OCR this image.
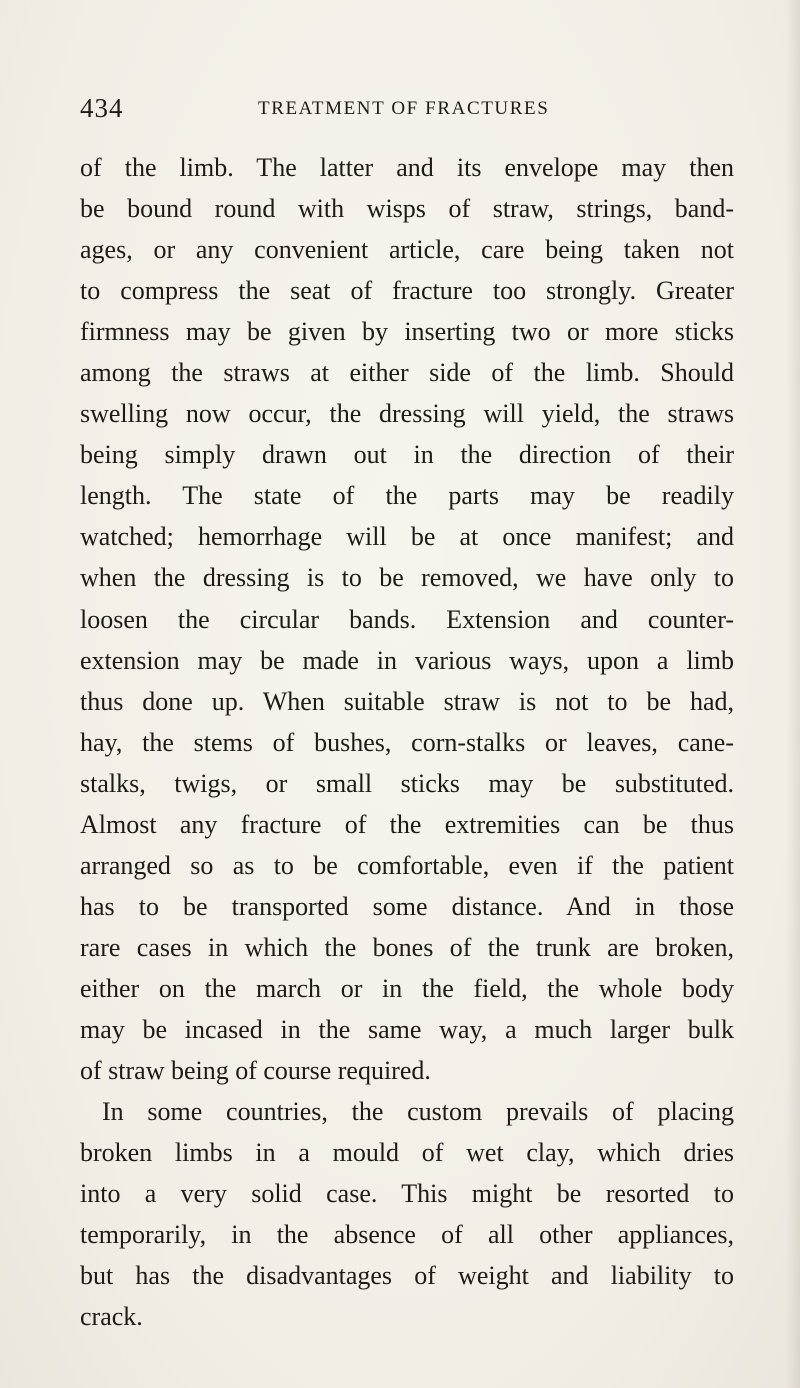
434	TREATMENT OF FRACTURES
of the limb. The latter and its envelope may then
be bound round with wisps of straw, strings, band-
ages, or any convenient article, care being taken not
to compress the seat of fracture too strongly. Greater
firmness may be given by inserting two or more sticks
among the straws at either side of the limb. Should
swelling now occur, the dressing will yield, the straws
being simply drawn out in the direction of their
length. The state of the parts may be readily
watched; hemorrhage will be at once manifest; and
when the dressing is to be removed, we have only to
loosen the circular bands. Extension and counter-
extension may be made in various ways, upon a limb
thus done up. When suitable straw is not to be had,
hay, the stems of bushes, corn-stalks or leaves, cane-
stalks, twigs, or small sticks may be substituted.
Almost any fracture of the extremities can be thus
arranged so as to be comfortable, even if the patient
has to be transported some distance. And in those
rare cases in which the bones of the trunk are broken,
either on the march or in the field, the whole body
may be incased in the same way, a much larger bulk
of straw being of course required.
In some countries, the custom prevails of placing
broken limbs in a mould of wet clay, which dries
into a very solid case. This might be resorted to
temporarily, in the absence of all other appliances,
but has the disadvantages of weight and liability to
crack.
